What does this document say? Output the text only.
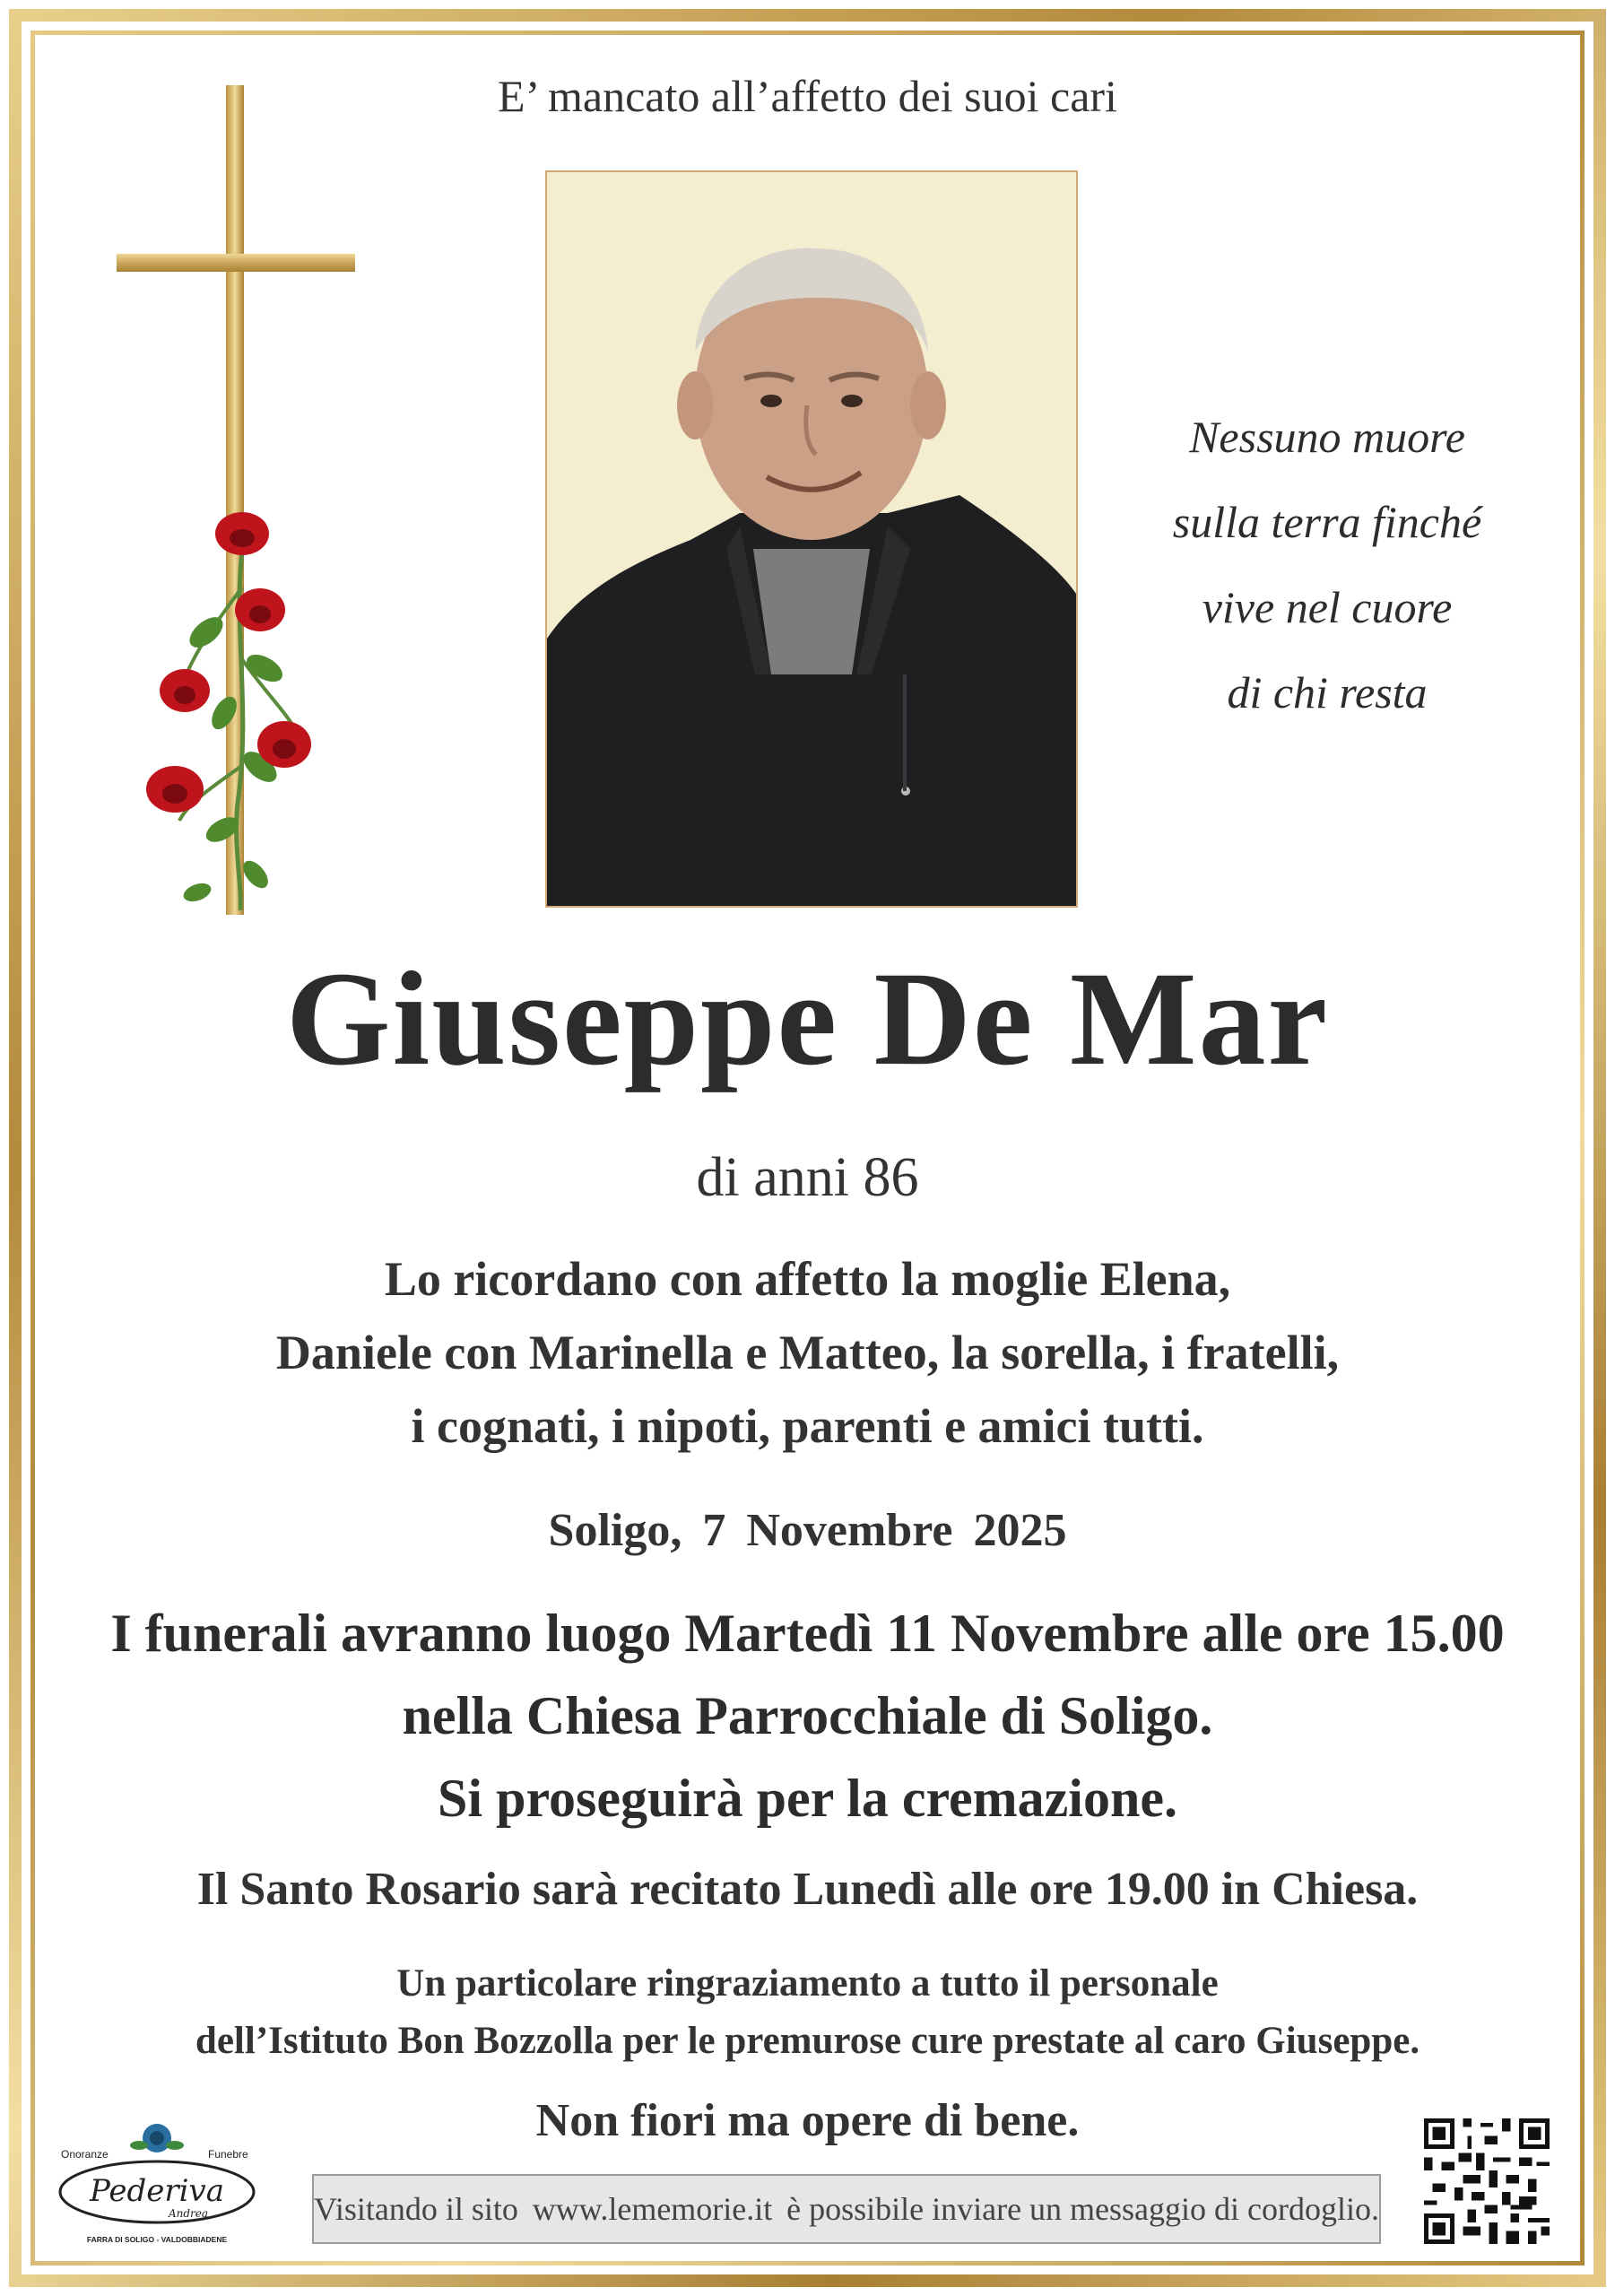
E’ mancato all’affetto dei suoi cari
Nessuno muore
sulla terra finché
vive nel cuore
di chi resta
Giuseppe De Mar
di anni 86
Lo ricordano con affetto la moglie Elena,
Daniele con Marinella e Matteo, la sorella, i fratelli,
i cognati, i nipoti, parenti e amici tutti.
Soligo, 7 Novembre 2025
I funerali avranno luogo Martedì 11 Novembre alle ore 15.00
nella Chiesa Parrocchiale di Soligo.
Si proseguirà per la cremazione.
Il Santo Rosario sarà recitato Lunedì alle ore 19.00 in Chiesa.
Un particolare ringraziamento a tutto il personale
dell’Istituto Bon Bozzolla per le premurose cure prestate al caro Giuseppe.
Non fiori ma opere di bene.
Onoranze	Funebre
Pederiva
Andrea
FARRA DI SOLIGO - VALDOBBIADENE
Visitando il sito www.lememorie.it è possibile inviare un messaggio di cordoglio.
